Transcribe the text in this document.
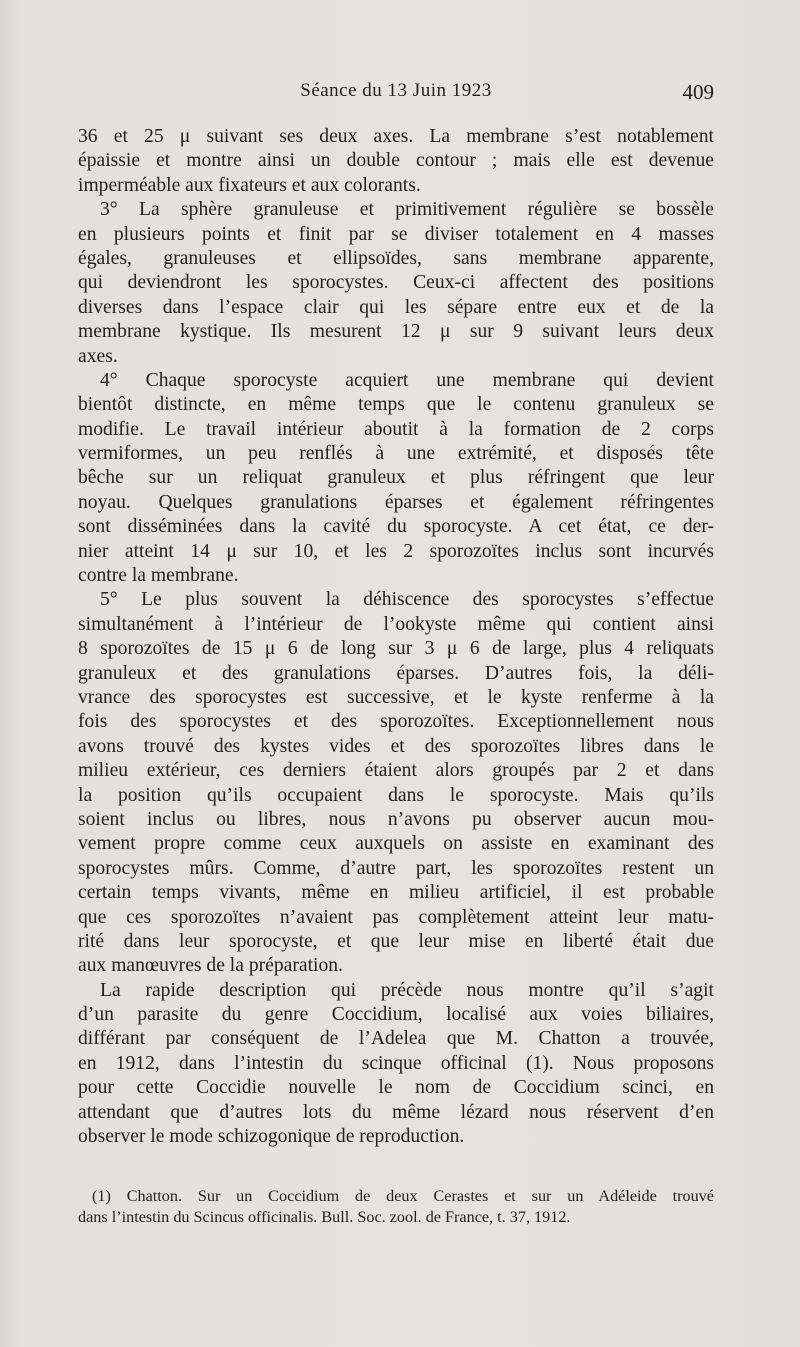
Séance du 13 Juin 1923	409
36 et 25 μ suivant ses deux axes. La membrane s’est notablement
épaissie et montre ainsi un double contour ; mais elle est devenue
imperméable aux fixateurs et aux colorants.
3° La sphère granuleuse et primitivement régulière se bossèle
en plusieurs points et finit par se diviser totalement en 4 masses
égales, granuleuses et ellipsoïdes, sans membrane apparente,
qui deviendront les sporocystes. Ceux-ci affectent des positions
diverses dans l’espace clair qui les sépare entre eux et de la
membrane kystique. Ils mesurent 12 μ sur 9 suivant leurs deux
axes.
4° Chaque sporocyste acquiert une membrane qui devient
bientôt distincte, en même temps que le contenu granuleux se
modifie. Le travail intérieur aboutit à la formation de 2 corps
vermiformes, un peu renflés à une extrémité, et disposés tête
bêche sur un reliquat granuleux et plus réfringent que leur
noyau. Quelques granulations éparses et également réfringentes
sont disséminées dans la cavité du sporocyste. A cet état, ce der-
nier atteint 14 μ sur 10, et les 2 sporozoïtes inclus sont incurvés
contre la membrane.
5° Le plus souvent la déhiscence des sporocystes s’effectue
simultanément à l’intérieur de l’ookyste même qui contient ainsi
8 sporozoïtes de 15 μ 6 de long sur 3 μ 6 de large, plus 4 reliquats
granuleux et des granulations éparses. D’autres fois, la déli-
vrance des sporocystes est successive, et le kyste renferme à la
fois des sporocystes et des sporozoïtes. Exceptionnellement nous
avons trouvé des kystes vides et des sporozoïtes libres dans le
milieu extérieur, ces derniers étaient alors groupés par 2 et dans
la position qu’ils occupaient dans le sporocyste. Mais qu’ils
soient inclus ou libres, nous n’avons pu observer aucun mou-
vement propre comme ceux auxquels on assiste en examinant des
sporocystes mûrs. Comme, d’autre part, les sporozoïtes restent un
certain temps vivants, même en milieu artificiel, il est probable
que ces sporozoïtes n’avaient pas complètement atteint leur matu-
rité dans leur sporocyste, et que leur mise en liberté était due
aux manœuvres de la préparation.
La rapide description qui précède nous montre qu’il s’agit
d’un parasite du genre Coccidium, localisé aux voies biliaires,
différant par conséquent de l’Adelea que M. Chatton a trouvée,
en 1912, dans l’intestin du scinque officinal (1). Nous proposons
pour cette Coccidie nouvelle le nom de Coccidium scinci, en
attendant que d’autres lots du même lézard nous réservent d’en
observer le mode schizogonique de reproduction.
(1) Chatton. Sur un Coccidium de deux Cerastes et sur un Adéleide trouvé
dans l’intestin du Scincus officinalis. Bull. Soc. zool. de France, t. 37, 1912.
